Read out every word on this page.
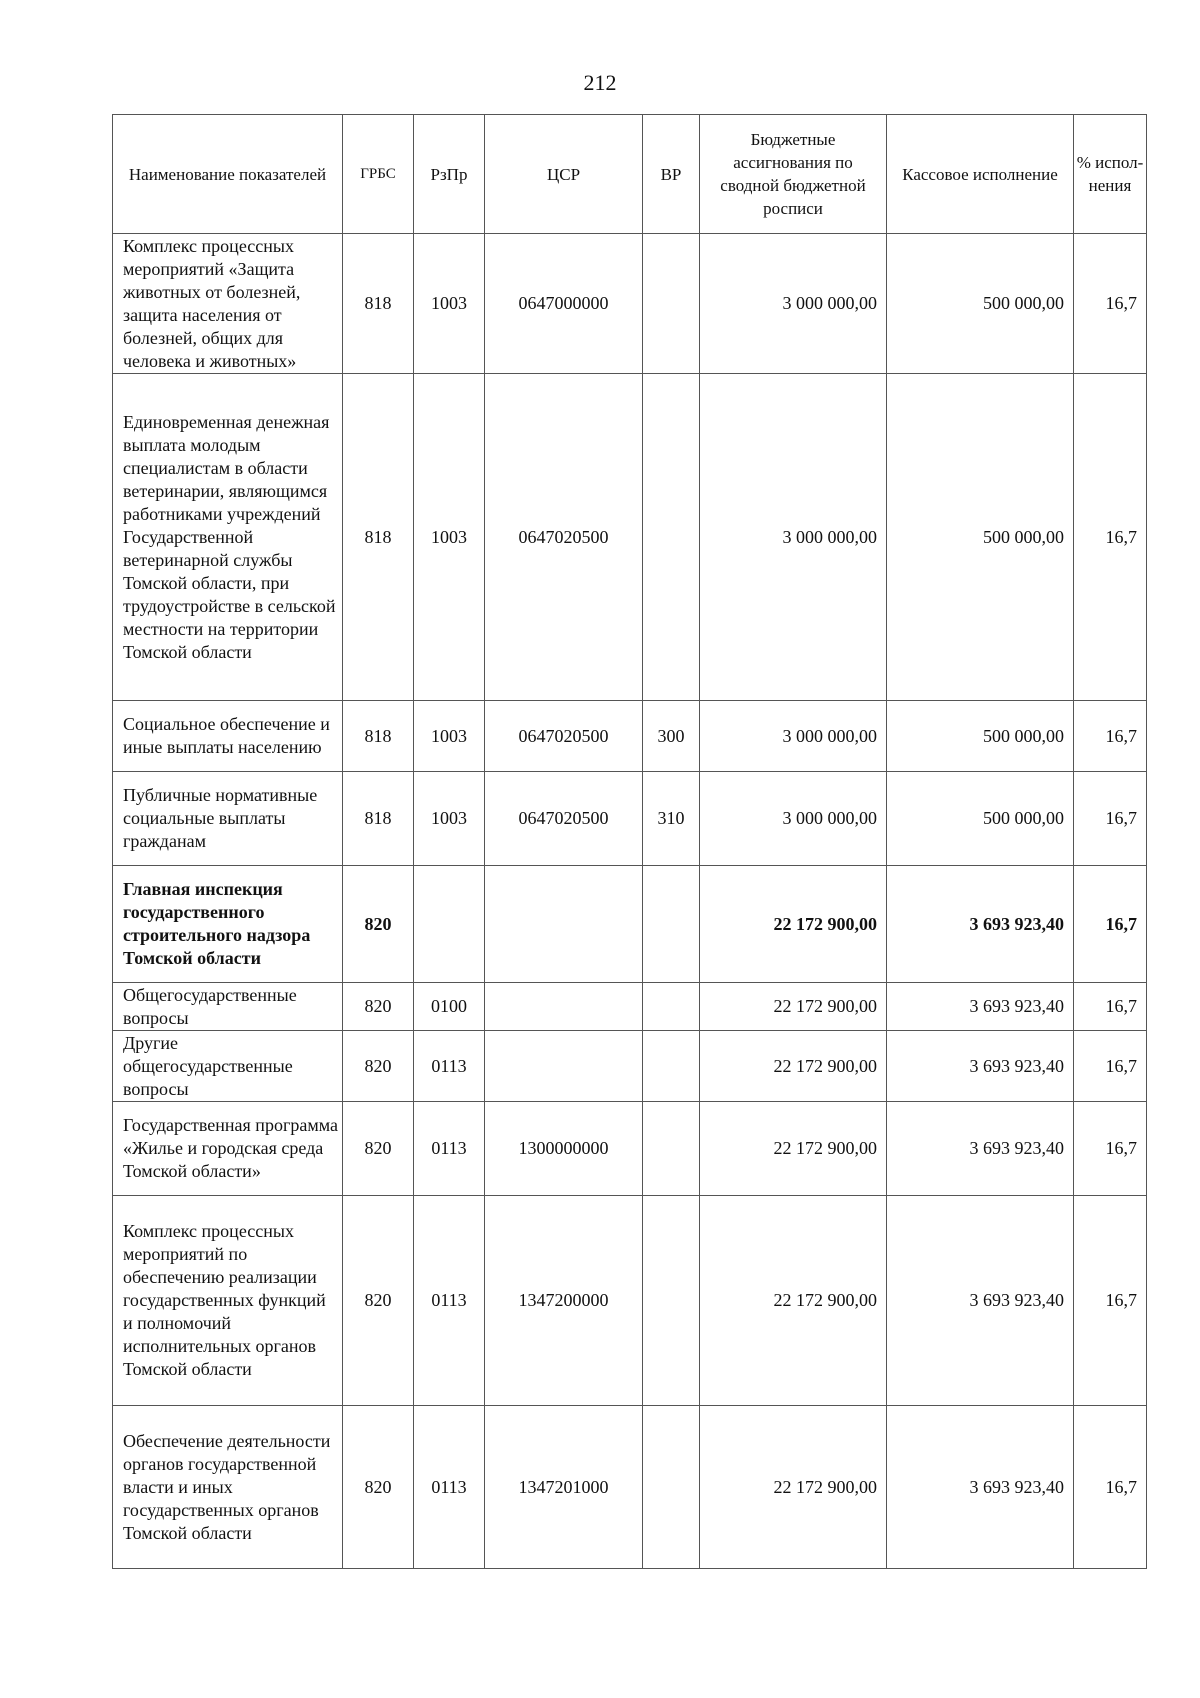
212
Наименование показателей	ГРБС	РзПр	ЦСР	ВР	Бюджетные ассигнования по сводной бюджетной росписи	Кассовое исполнение	% испол-нения
Комплекс процессных мероприятий «Защита животных от болезней, защита населения от болезней, общих для человека и животных»	818	1003	0647000000		3 000 000,00	500 000,00	16,7
Единовременная денежная выплата молодым специалистам в области ветеринарии, являющимся работниками учреждений Государственной ветеринарной службы Томской области, при трудоустройстве в сельской местности на территории Томской области	818	1003	0647020500		3 000 000,00	500 000,00	16,7
Социальное обеспечение и иные выплаты населению	818	1003	0647020500	300	3 000 000,00	500 000,00	16,7
Публичные нормативные социальные выплаты гражданам	818	1003	0647020500	310	3 000 000,00	500 000,00	16,7
Главная инспекция государственного строительного надзора Томской области	820				22 172 900,00	3 693 923,40	16,7
Общегосударственные вопросы	820	0100			22 172 900,00	3 693 923,40	16,7
Другие общегосударственные вопросы	820	0113			22 172 900,00	3 693 923,40	16,7
Государственная программа «Жилье и городская среда Томской области»	820	0113	1300000000		22 172 900,00	3 693 923,40	16,7
Комплекс процессных мероприятий по обеспечению реализации государственных функций и полномочий исполнительных органов Томской области	820	0113	1347200000		22 172 900,00	3 693 923,40	16,7
Обеспечение деятельности органов государственной власти и иных государственных органов Томской области	820	0113	1347201000		22 172 900,00	3 693 923,40	16,7
